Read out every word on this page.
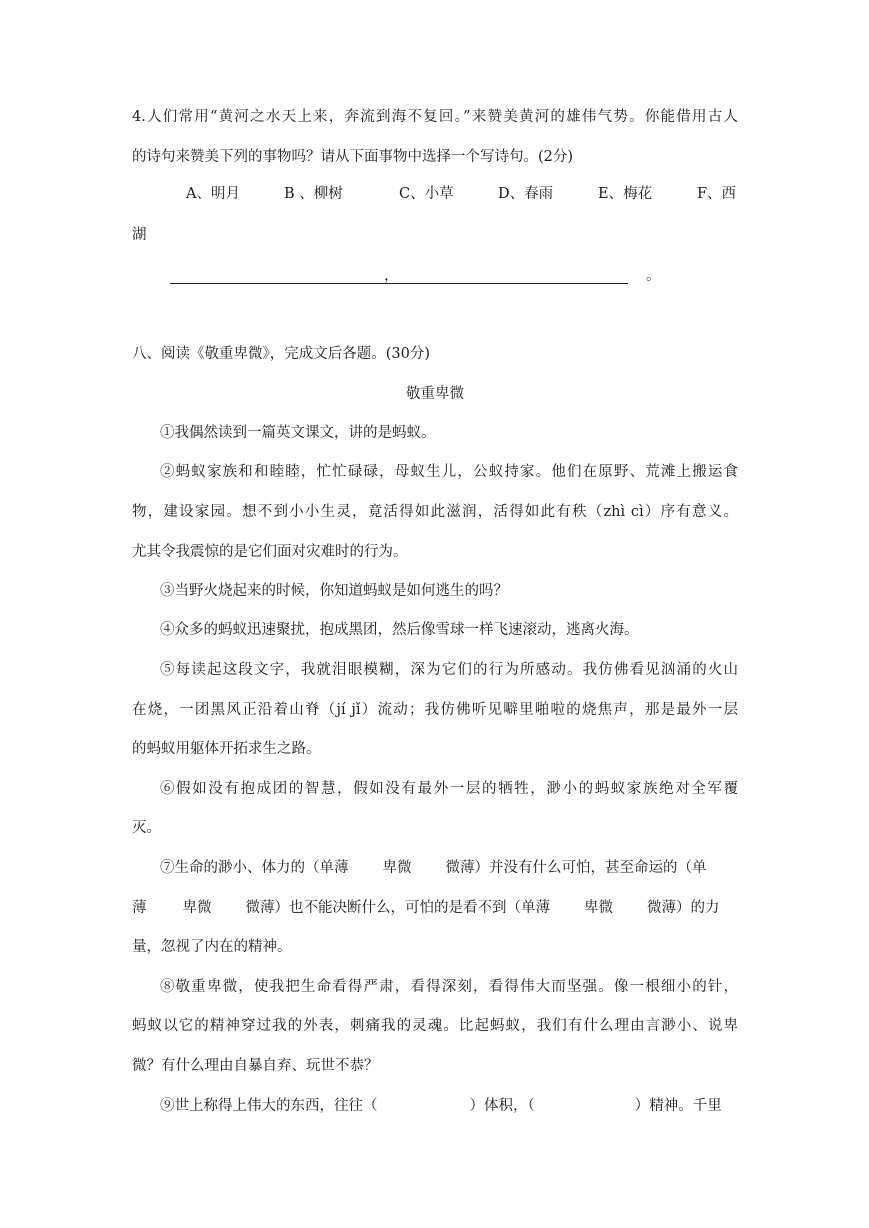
4.人们常用“黄河之水天上来，奔流到海不复回。”来赞美黄河的雄伟气势。你能借用古人
的诗句来赞美下列的事物吗？请从下面事物中选择一个写诗句。(2分)
A、明月	B 、柳树	C、小草	D、春雨	E、梅花	F、西
湖
，	。
八、阅读《敬重卑微》，完成文后各题。(30分)
敬重卑微
①我偶然读到一篇英文课文，讲的是蚂蚁。
②蚂蚁家族和和睦睦，忙忙碌碌，母蚁生儿，公蚁持家。他们在原野、荒滩上搬运食
物，建设家园。想不到小小生灵，竟活得如此滋润，活得如此有秩（zhì cì）序有意义。
尤其令我震惊的是它们面对灾难时的行为。
③当野火烧起来的时候，你知道蚂蚁是如何逃生的吗？
④众多的蚂蚁迅速聚扰，抱成黑团，然后像雪球一样飞速滚动，逃离火海。
⑤每读起这段文字，我就泪眼模糊，深为它们的行为所感动。我仿佛看见汹涌的火山
在烧，一团黑风正沿着山脊（jí jǐ）流动；我仿佛听见噼里啪啦的烧焦声，那是最外一层
的蚂蚁用躯体开拓求生之路。
⑥假如没有抱成团的智慧，假如没有最外一层的牺牲，渺小的蚂蚁家族绝对全军覆
灭。
⑦生命的渺小、体力的（单薄 卑微 微薄）并没有什么可怕，甚至命运的（单
薄 卑微 微薄）也不能决断什么，可怕的是看不到（单薄 卑微 微薄）的力
量，忽视了内在的精神。
⑧敬重卑微，使我把生命看得严肃，看得深刻，看得伟大而坚强。像一根细小的针，
蚂蚁以它的精神穿过我的外表，刺痛我的灵魂。比起蚂蚁，我们有什么理由言渺小、说卑
微？有什么理由自暴自弃、玩世不恭？
⑨世上称得上伟大的东西，往往（	）体积，（	）精神。千里
